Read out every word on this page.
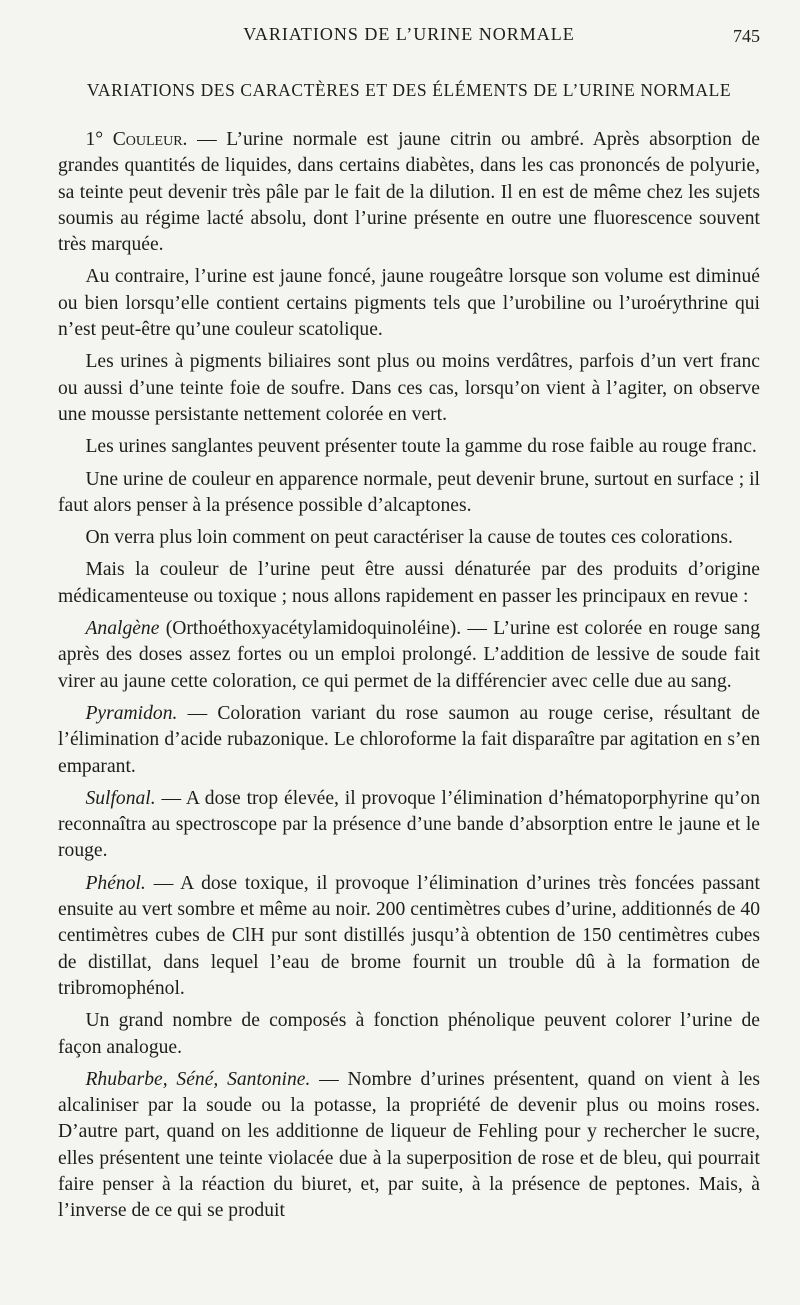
VARIATIONS DE L’URINE NORMALE	745
VARIATIONS DES CARACTÈRES ET DES ÉLÉMENTS DE L’URINE NORMALE

1° Couleur. — L’urine normale est jaune citrin ou ambré. Après absorption de grandes quantités de liquides, dans certains diabètes, dans les cas prononcés de polyurie, sa teinte peut devenir très pâle par le fait de la dilution. Il en est de même chez les sujets soumis au régime lacté absolu, dont l’urine présente en outre une fluorescence souvent très marquée.

Au contraire, l’urine est jaune foncé, jaune rougeâtre lorsque son volume est diminué ou bien lorsqu’elle contient certains pigments tels que l’urobiline ou l’uroérythrine qui n’est peut-être qu’une couleur scatolique.

Les urines à pigments biliaires sont plus ou moins verdâtres, parfois d’un vert franc ou aussi d’une teinte foie de soufre. Dans ces cas, lorsqu’on vient à l’agiter, on observe une mousse persistante nettement colorée en vert.

Les urines sanglantes peuvent présenter toute la gamme du rose faible au rouge franc.

Une urine de couleur en apparence normale, peut devenir brune, surtout en surface ; il faut alors penser à la présence possible d’alcaptones.

On verra plus loin comment on peut caractériser la cause de toutes ces colorations.

Mais la couleur de l’urine peut être aussi dénaturée par des produits d’origine médicamenteuse ou toxique ; nous allons rapidement en passer les principaux en revue :

Analgène (Orthoéthoxyacétylamidoquinoléine). — L’urine est colorée en rouge sang après des doses assez fortes ou un emploi prolongé. L’addition de lessive de soude fait virer au jaune cette coloration, ce qui permet de la différencier avec celle due au sang.

Pyramidon. — Coloration variant du rose saumon au rouge cerise, résultant de l’élimination d’acide rubazonique. Le chloroforme la fait disparaître par agitation en s’en emparant.

Sulfonal. — A dose trop élevée, il provoque l’élimination d’hématoporphyrine qu’on reconnaîtra au spectroscope par la présence d’une bande d’absorption entre le jaune et le rouge.

Phénol. — A dose toxique, il provoque l’élimination d’urines très foncées passant ensuite au vert sombre et même au noir. 200 centimètres cubes d’urine, additionnés de 40 centimètres cubes de ClH pur sont distillés jusqu’à obtention de 150 centimètres cubes de distillat, dans lequel l’eau de brome fournit un trouble dû à la formation de tribromophénol.

Un grand nombre de composés à fonction phénolique peuvent colorer l’urine de façon analogue.

Rhubarbe, Séné, Santonine. — Nombre d’urines présentent, quand on vient à les alcaliniser par la soude ou la potasse, la propriété de devenir plus ou moins roses. D’autre part, quand on les additionne de liqueur de Fehling pour y rechercher le sucre, elles présentent une teinte violacée due à la superposition de rose et de bleu, qui pourrait faire penser à la réaction du biuret, et, par suite, à la présence de peptones. Mais, à l’inverse de ce qui se produit
